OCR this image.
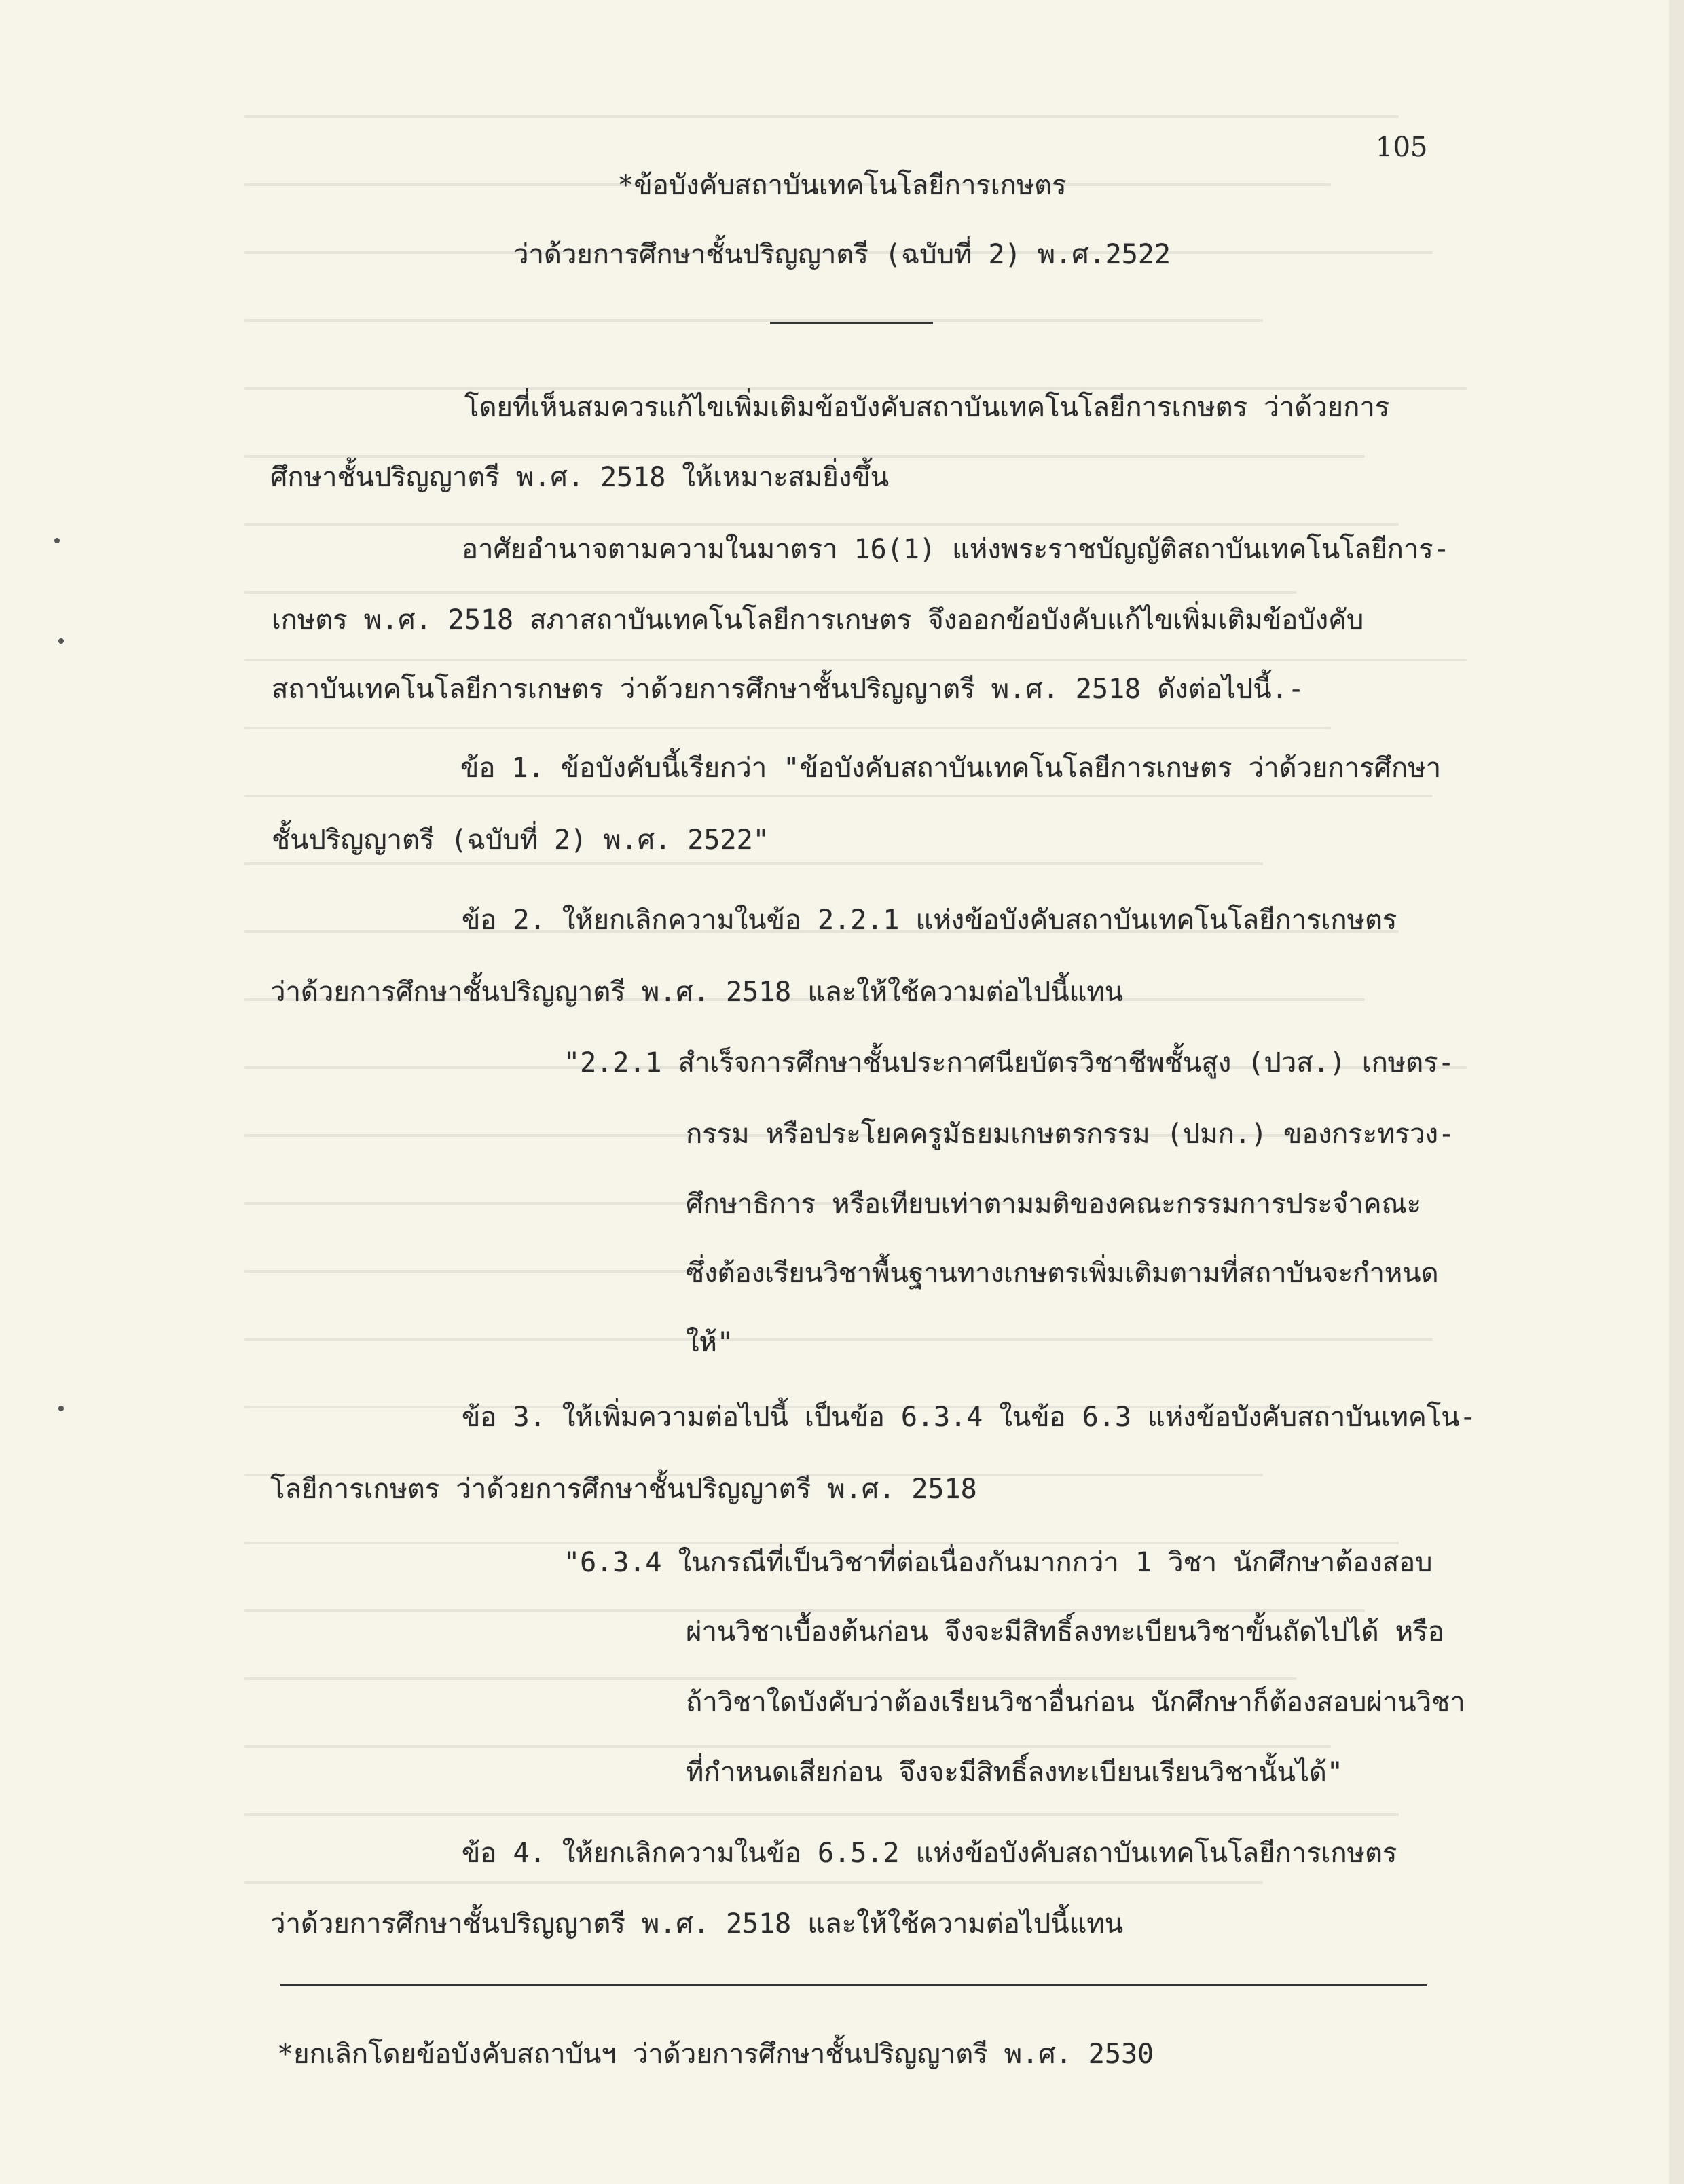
105
*ข้อบังคับสถาบันเทคโนโลยีการเกษตร
ว่าด้วยการศึกษาชั้นปริญญาตรี (ฉบับที่ 2) พ.ศ.2522
โดยที่เห็นสมควรแก้ไขเพิ่มเติมข้อบังคับสถาบันเทคโนโลยีการเกษตร ว่าด้วยการ
ศึกษาชั้นปริญญาตรี พ.ศ. 2518 ให้เหมาะสมยิ่งขึ้น
อาศัยอำนาจตามความในมาตรา 16(1) แห่งพระราชบัญญัติสถาบันเทคโนโลยีการ-
เกษตร พ.ศ. 2518 สภาสถาบันเทคโนโลยีการเกษตร จึงออกข้อบังคับแก้ไขเพิ่มเติมข้อบังคับ
สถาบันเทคโนโลยีการเกษตร ว่าด้วยการศึกษาชั้นปริญญาตรี พ.ศ. 2518 ดังต่อไปนี้.-
ข้อ 1. ข้อบังคับนี้เรียกว่า "ข้อบังคับสถาบันเทคโนโลยีการเกษตร ว่าด้วยการศึกษา
ชั้นปริญญาตรี (ฉบับที่ 2) พ.ศ. 2522"
ข้อ 2. ให้ยกเลิกความในข้อ 2.2.1 แห่งข้อบังคับสถาบันเทคโนโลยีการเกษตร
ว่าด้วยการศึกษาชั้นปริญญาตรี พ.ศ. 2518 และให้ใช้ความต่อไปนี้แทน
"2.2.1 สำเร็จการศึกษาชั้นประกาศนียบัตรวิชาชีพชั้นสูง (ปวส.) เกษตร-
กรรม หรือประโยคครูมัธยมเกษตรกรรม (ปมก.) ของกระทรวง-
ศึกษาธิการ หรือเทียบเท่าตามมติของคณะกรรมการประจำคณะ
ซึ่งต้องเรียนวิชาพื้นฐานทางเกษตรเพิ่มเติมตามที่สถาบันจะกำหนด
ให้"
ข้อ 3. ให้เพิ่มความต่อไปนี้ เป็นข้อ 6.3.4 ในข้อ 6.3 แห่งข้อบังคับสถาบันเทคโน-
โลยีการเกษตร ว่าด้วยการศึกษาชั้นปริญญาตรี พ.ศ. 2518
"6.3.4 ในกรณีที่เป็นวิชาที่ต่อเนื่องกันมากกว่า 1 วิชา นักศึกษาต้องสอบ
ผ่านวิชาเบื้องต้นก่อน จึงจะมีสิทธิ์ลงทะเบียนวิชาขั้นถัดไปได้ หรือ
ถ้าวิชาใดบังคับว่าต้องเรียนวิชาอื่นก่อน นักศึกษาก็ต้องสอบผ่านวิชา
ที่กำหนดเสียก่อน จึงจะมีสิทธิ์ลงทะเบียนเรียนวิชานั้นได้"
ข้อ 4. ให้ยกเลิกความในข้อ 6.5.2 แห่งข้อบังคับสถาบันเทคโนโลยีการเกษตร
ว่าด้วยการศึกษาชั้นปริญญาตรี พ.ศ. 2518 และให้ใช้ความต่อไปนี้แทน
*ยกเลิกโดยข้อบังคับสถาบันฯ ว่าด้วยการศึกษาชั้นปริญญาตรี พ.ศ. 2530
